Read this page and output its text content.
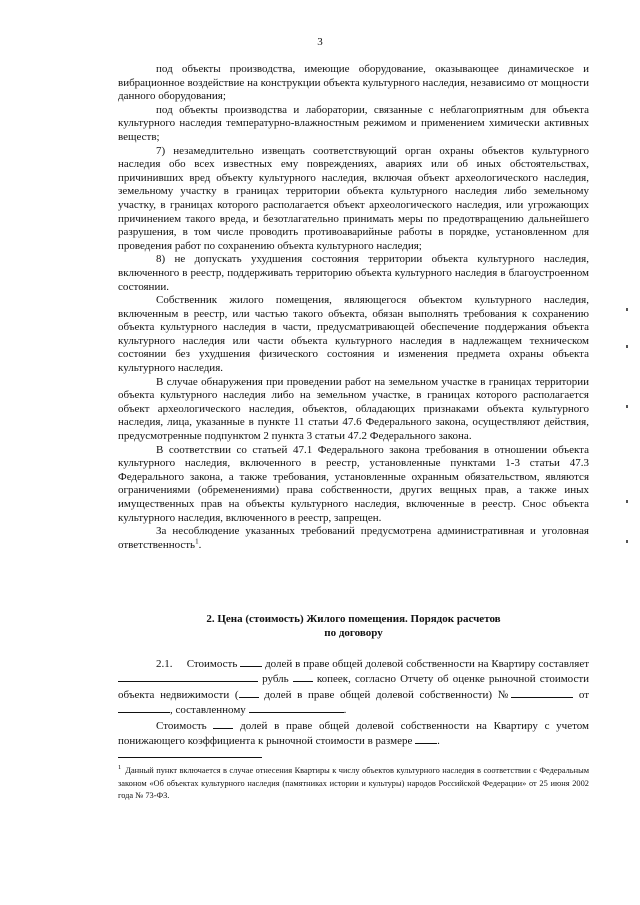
3

под объекты производства, имеющие оборудование, оказывающее динамическое и вибрационное воздействие на конструкции объекта культурного наследия, независимо от мощности данного оборудования;

под объекты производства и лаборатории, связанные с неблагоприятным для объекта культурного наследия температурно-влажностным режимом и применением химически активных веществ;

7) незамедлительно извещать соответствующий орган охраны объектов культурного наследия обо всех известных ему повреждениях, авариях или об иных обстоятельствах, причинивших вред объекту культурного наследия, включая объект археологического наследия, земельному участку в границах территории объекта культурного наследия либо земельному участку, в границах которого располагается объект археологического наследия, или угрожающих причинением такого вреда, и безотлагательно принимать меры по предотвращению дальнейшего разрушения, в том числе проводить противоаварийные работы в порядке, установленном для проведения работ по сохранению объекта культурного наследия;

8) не допускать ухудшения состояния территории объекта культурного наследия, включенного в реестр, поддерживать территорию объекта культурного наследия в благоустроенном состоянии.

Собственник жилого помещения, являющегося объектом культурного наследия, включенным в реестр, или частью такого объекта, обязан выполнять требования к сохранению объекта культурного наследия в части, предусматривающей обеспечение поддержания объекта культурного наследия или части объекта культурного наследия в надлежащем техническом состоянии без ухудшения физического состояния и изменения предмета охраны объекта культурного наследия.

В случае обнаружения при проведении работ на земельном участке в границах территории объекта культурного наследия либо на земельном участке, в границах которого располагается объект археологического наследия, объектов, обладающих признаками объекта культурного наследия, лица, указанные в пункте 11 статьи 47.6 Федерального закона, осуществляют действия, предусмотренные подпунктом 2 пункта 3 статьи 47.2 Федерального закона.

В соответствии со статьей 47.1 Федерального закона требования в отношении объекта культурного наследия, включенного в реестр, установленные пунктами 1-3 статьи 47.3 Федерального закона, а также требования, установленные охранным обязательством, являются ограничениями (обременениями) права собственности, других вещных прав, а также иных имущественных прав на объекты культурного наследия, включенные в реестр. Снос объекта культурного наследия, включенного в реестр, запрещен.

За несоблюдение указанных требований предусмотрена административная и уголовная ответственность$^1$.

2. Цена (стоимость) Жилого помещения. Порядок расчетов
по договору

2.1. Стоимость	долей в праве общей долевой собственности на Квартиру составляет  рубль	копеек, согласно Отчету об оценке рыночной стоимости объекта недвижимости ( долей в праве общей долевой собственности) №	от , составленному	.

Стоимость	долей в праве общей долевой собственности на Квартиру с учетом понижающего коэффициента к рыночной стоимости в размере .

$^1$ Данный пункт включается в случае отнесения Квартиры к числу объектов культурного наследия в соответствии с Федеральным законом «Об объектах культурного наследия (памятниках истории и культуры) народов Российской Федерации» от 25 июня 2002 года № 73-ФЗ.
